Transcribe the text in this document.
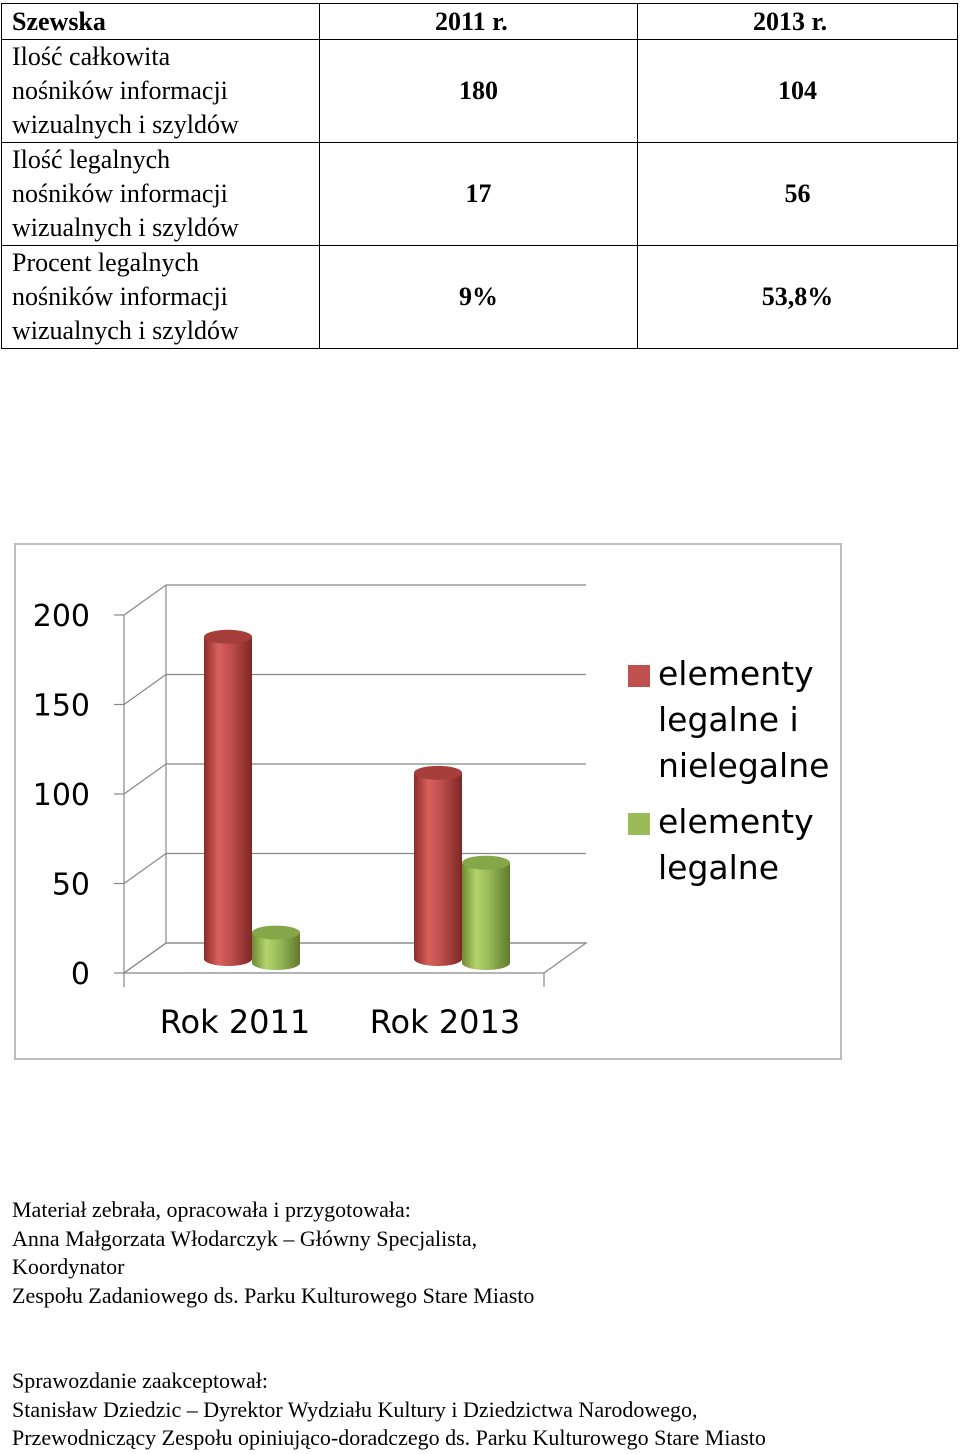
Szewska	2011 r.	2013 r.

Ilość całkowita
nośników informacji
wizualnych i szyldów	180	104

Ilość legalnych
nośników informacji
wizualnych i szyldów	17	56

Procent legalnych
nośników informacji
wizualnych i szyldów	9%	53,8%
0
50
100
150
200
Rok 2011 Rok 2013
elementy
legalne i
nielegalne
elementy
legalne
Materiał zebrała, opracowała i przygotowała:
Anna Małgorzata Włodarczyk – Główny Specjalista,
Koordynator
Zespołu Zadaniowego ds. Parku Kulturowego Stare Miasto
Sprawozdanie zaakceptował:
Stanisław Dziedzic – Dyrektor Wydziału Kultury i Dziedzictwa Narodowego,
Przewodniczący Zespołu opiniująco-doradczego ds. Parku Kulturowego Stare Miasto
